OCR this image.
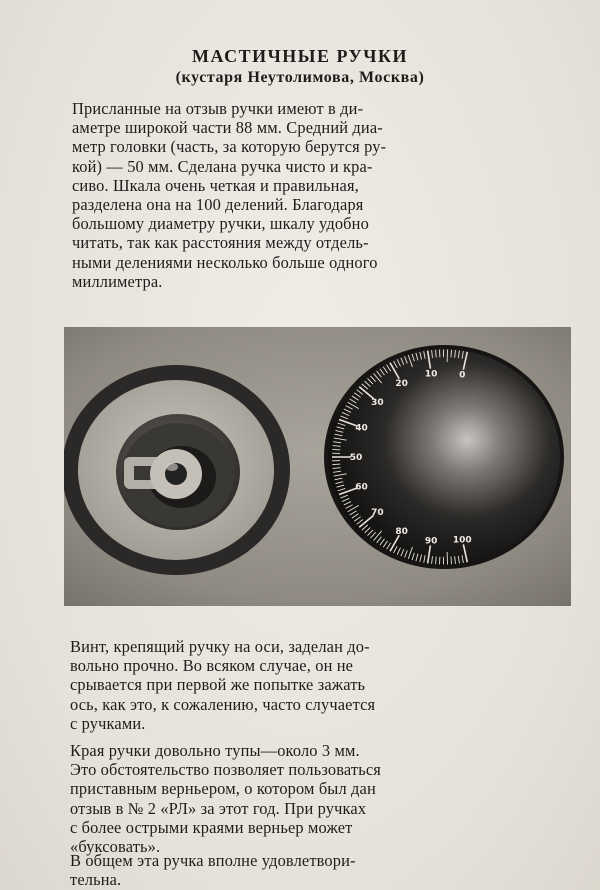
МАСТИЧНЫЕ РУЧКИ
(кустаря Неутолимова, Москва)
Присланные на отзыв ручки имеют в ди-
аметре широкой части 88 мм. Средний диа-
метр головки (часть, за которую берутся ру-
кой) — 50 мм. Сделана ручка чисто и кра-
сиво. Шкала очень четкая и правильная,
разделена она на 100 делений. Благодаря
большому диаметру ручки, шкалу удобно
читать, так как расстояния между отдель-
ными делениями несколько больше одного
миллиметра.
0
10
20
30
40
50
60
70
80
90 100
Винт, крепящий ручку на оси, заделан до-
вольно прочно. Во всяком случае, он не
срывается при первой же попытке зажать
ось, как это, к сожалению, часто случается
с ручками.
Края ручки довольно тупы—около 3 мм.
Это обстоятельство позволяет пользоваться
приставным верньером, о котором был дан
отзыв в № 2 «РЛ» за этот год. При ручках
с более острыми краями верньер может
«буксовать».
В общем эта ручка вполне удовлетвори-
тельна.
